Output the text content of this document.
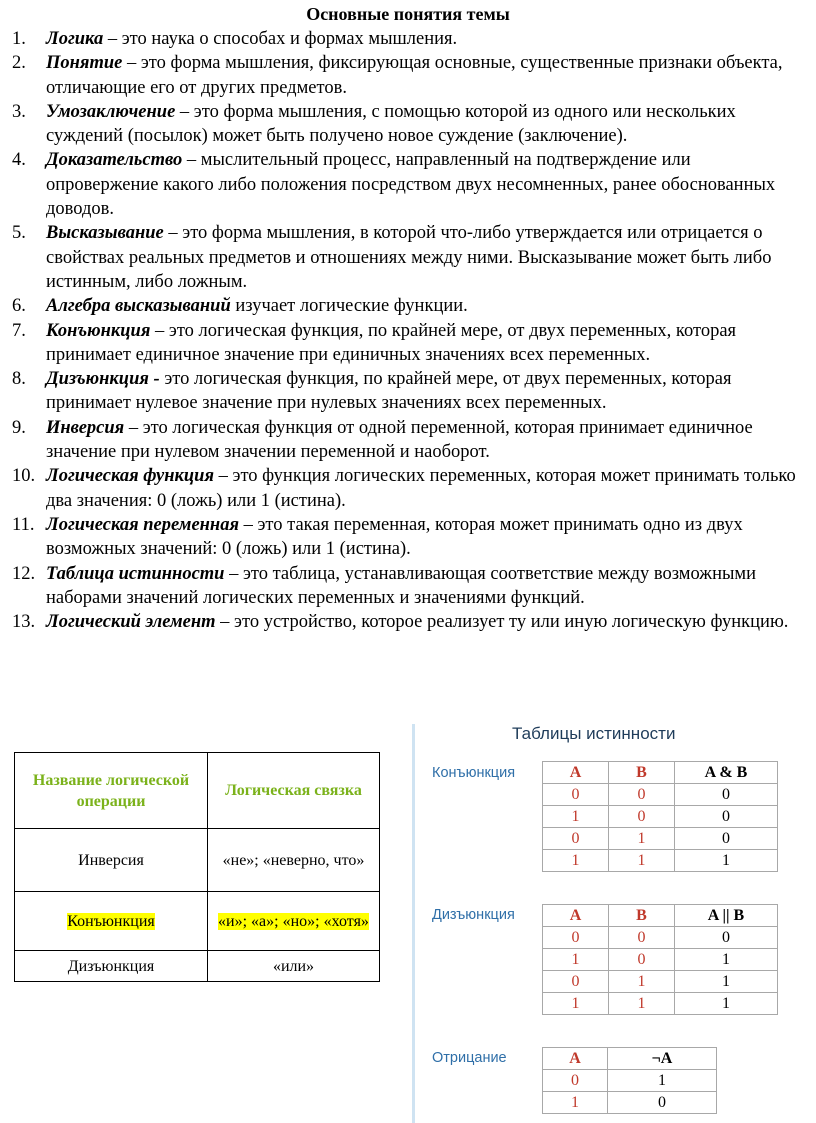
Основные понятия темы
1. Логика – это наука о способах и формах мышления.
2. Понятие – это форма мышления, фиксирующая основные, существенные признаки объекта, отличающие его от других предметов.
3. Умозаключение – это форма мышления, с помощью которой из одного или нескольких суждений (посылок) может быть получено новое суждение (заключение).
4. Доказательство – мыслительный процесс, направленный на подтверждение или опровержение какого либо положения посредством двух несомненных, ранее обоснованных доводов.
5. Высказывание – это форма мышления, в которой что-либо утверждается или отрицается о свойствах реальных предметов и отношениях между ними. Высказывание может быть либо истинным, либо ложным.
6. Алгебра высказываний изучает логические функции.
7. Конъюнкция – это логическая функция, по крайней мере, от двух переменных, которая принимает единичное значение при единичных значениях всех переменных.
8. Дизъюнкция - это логическая функция, по крайней мере, от двух переменных, которая принимает нулевое значение при нулевых значениях всех переменных.
9. Инверсия – это логическая функция от одной переменной, которая принимает единичное значение при нулевом значении переменной и наоборот.
10. Логическая функция – это функция логических переменных, которая может принимать только два значения: 0 (ложь) или 1 (истина).
11. Логическая переменная – это такая переменная, которая может принимать одно из двух возможных значений: 0 (ложь) или 1 (истина).
12. Таблица истинности – это таблица, устанавливающая соответствие между возможными наборами значений логических переменных и значениями функций.
13. Логический элемент – это устройство, которое реализует ту или иную логическую функцию.
Название логической операции	Логическая связка
Инверсия	«не»; «неверно, что»
Конъюнкция	«и»; «а»; «но»; «хотя»
Дизъюнкция	«или»
Таблицы истинности
Конъюнкция	A	B	A & B
0	0	0
1	0	0
0	1	0
1	1	1
Дизъюнкция	A	B	A || B
0	0	0
1	0	1
0	1	1
1	1	1
Отрицание	A	¬A
0	1
1	0
